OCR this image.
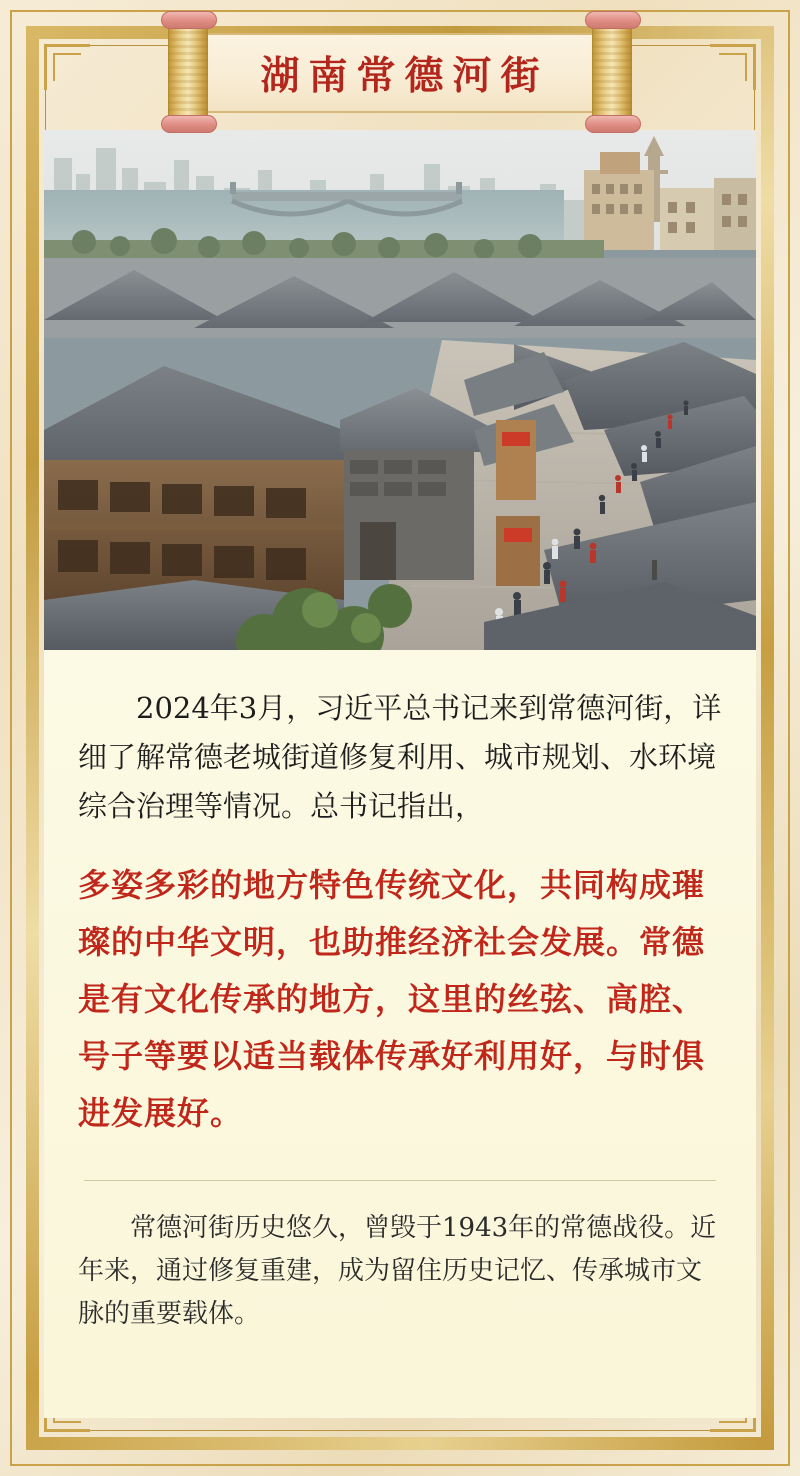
湖南常德河街

2024年3月，习近平总书记来到常德河街，详细了解常德老城街道修复利用、城市规划、水环境综合治理等情况。总书记指出，

多姿多彩的地方特色传统文化，共同构成璀璨的中华文明，也助推经济社会发展。常德是有文化传承的地方，这里的丝弦、高腔、号子等要以适当载体传承好利用好，与时俱进发展好。

常德河街历史悠久，曾毁于1943年的常德战役。近年来，通过修复重建，成为留住历史记忆、传承城市文脉的重要载体。
